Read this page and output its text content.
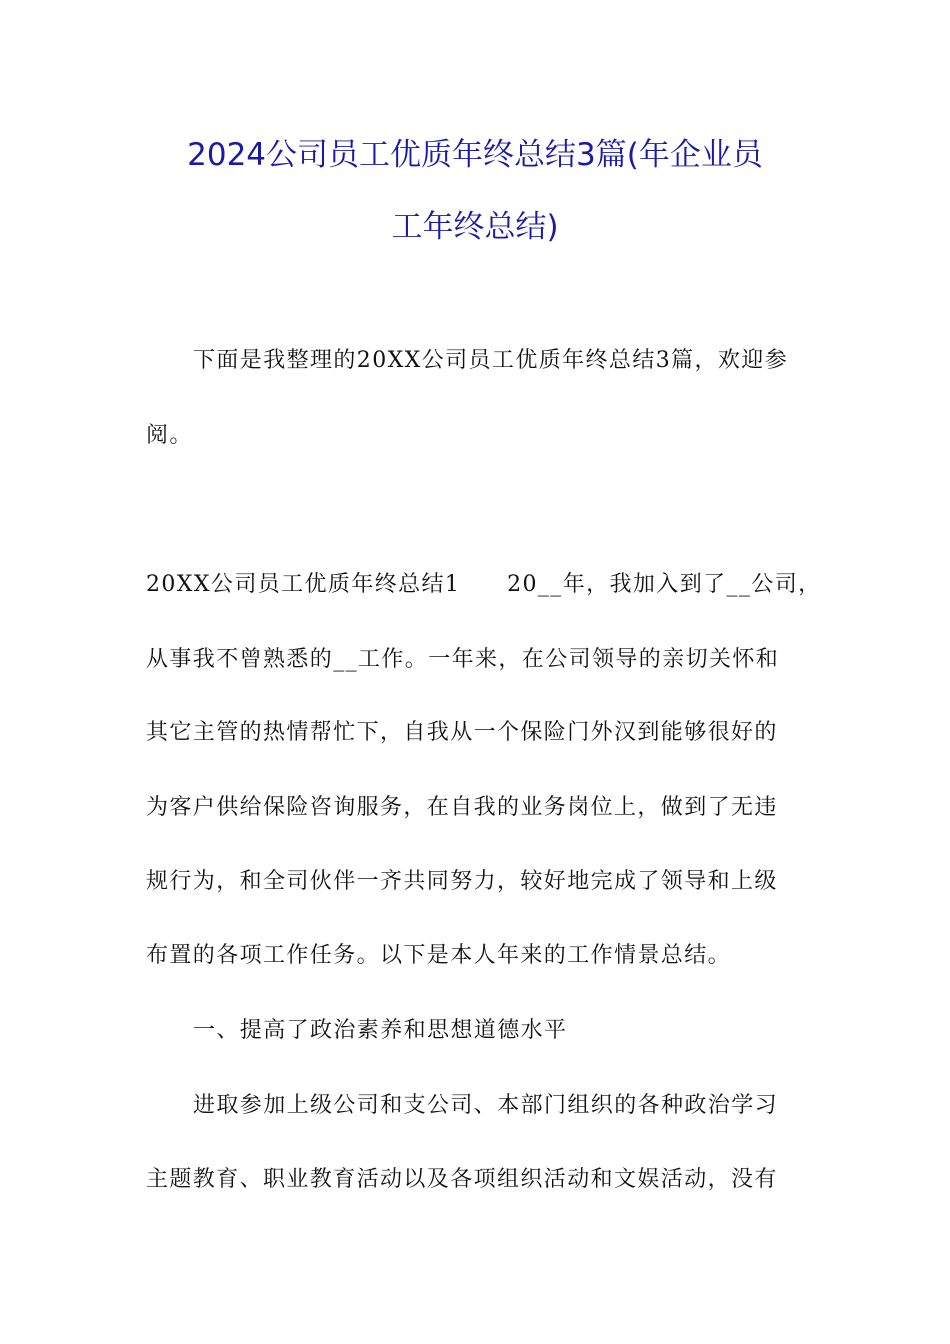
2024公司员工优质年终总结3篇(年企业员
工年终总结)
下面是我整理的20XX公司员工优质年终总结3篇，欢迎参
阅。
20XX公司员工优质年终总结1　　20__年，我加入到了__公司，
从事我不曾熟悉的__工作。一年来，在公司领导的亲切关怀和
其它主管的热情帮忙下，自我从一个保险门外汉到能够很好的
为客户供给保险咨询服务，在自我的业务岗位上，做到了无违
规行为，和全司伙伴一齐共同努力，较好地完成了领导和上级
布置的各项工作任务。以下是本人年来的工作情景总结。
一、提高了政治素养和思想道德水平
进取参加上级公司和支公司、本部门组织的各种政治学习
主题教育、职业教育活动以及各项组织活动和文娱活动，没有
